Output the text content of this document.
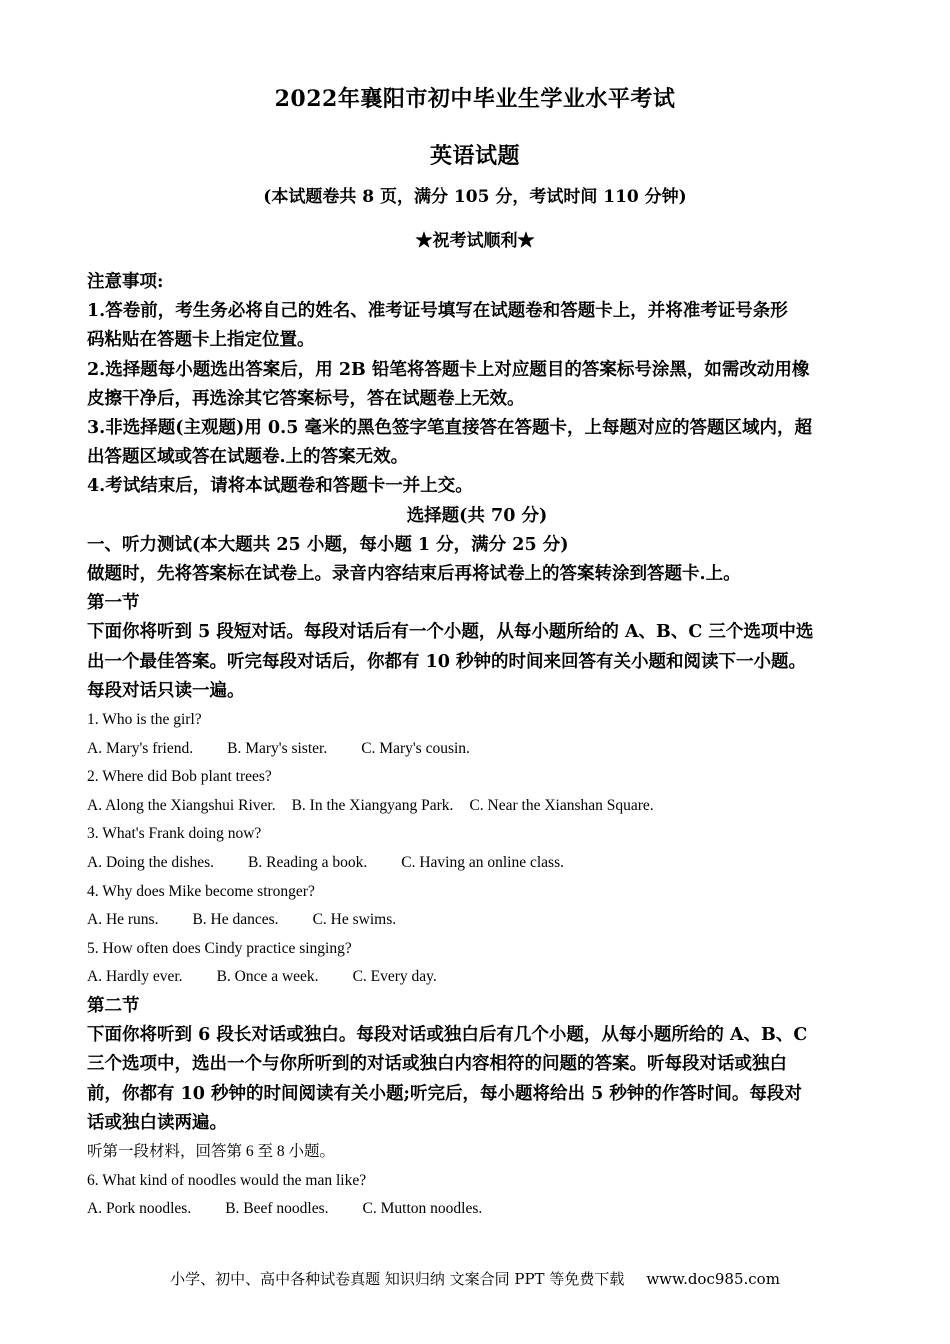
2022年襄阳市初中毕业生学业水平考试
英语试题
(本试题卷共 8 页，满分 105 分，考试时间 110 分钟)
★祝考试顺利★
注意事项:
1.答卷前，考生务必将自己的姓名、准考证号填写在试题卷和答题卡上，并将准考证号条形
码粘贴在答题卡上指定位置。
2.选择题每小题选出答案后，用 2B 铅笔将答题卡上对应题目的答案标号涂黑，如需改动用橡
皮擦干净后，再选涂其它答案标号，答在试题卷上无效。
3.非选择题(主观题)用 0.5 毫米的黑色签字笔直接答在答题卡，上每题对应的答题区域内，超
出答题区域或答在试题卷.上的答案无效。
4.考试结束后，请将本试题卷和答题卡一并上交。
选择题(共 70 分)
一、听力测试(本大题共 25 小题，每小题 1 分，满分 25 分)
做题时，先将答案标在试卷上。录音内容结束后再将试卷上的答案转涂到答题卡.上。
第一节
下面你将听到 5 段短对话。每段对话后有一个小题，从每小题所给的 A、B、C 三个选项中选
出一个最佳答案。听完每段对话后，你都有 10 秒钟的时间来回答有关小题和阅读下一小题。
每段对话只读一遍。
1. Who is the girl?
A. Mary's friend. B. Mary's sister. C. Mary's cousin.
2. Where did Bob plant trees?
A. Along the Xiangshui River. B. In the Xiangyang Park. C. Near the Xianshan Square.
3. What's Frank doing now?
A. Doing the dishes. B. Reading a book. C. Having an online class.
4. Why does Mike become stronger?
A. He runs. B. He dances. C. He swims.
5. How often does Cindy practice singing?
A. Hardly ever. B. Once a week. C. Every day.
第二节
下面你将听到 6 段长对话或独白。每段对话或独白后有几个小题，从每小题所给的 A、B、C
三个选项中，选出一个与你所听到的对话或独白内容相符的问题的答案。听每段对话或独白
前，你都有 10 秒钟的时间阅读有关小题;听完后，每小题将给出 5 秒钟的作答时间。每段对
话或独白读两遍。
听第一段材料，回答第 6 至 8 小题。
6. What kind of noodles would the man like?
A. Pork noodles. B. Beef noodles. C. Mutton noodles.
小学、初中、高中各种试卷真题 知识归纳 文案合同 PPT 等免费下载 www.doc985.com
